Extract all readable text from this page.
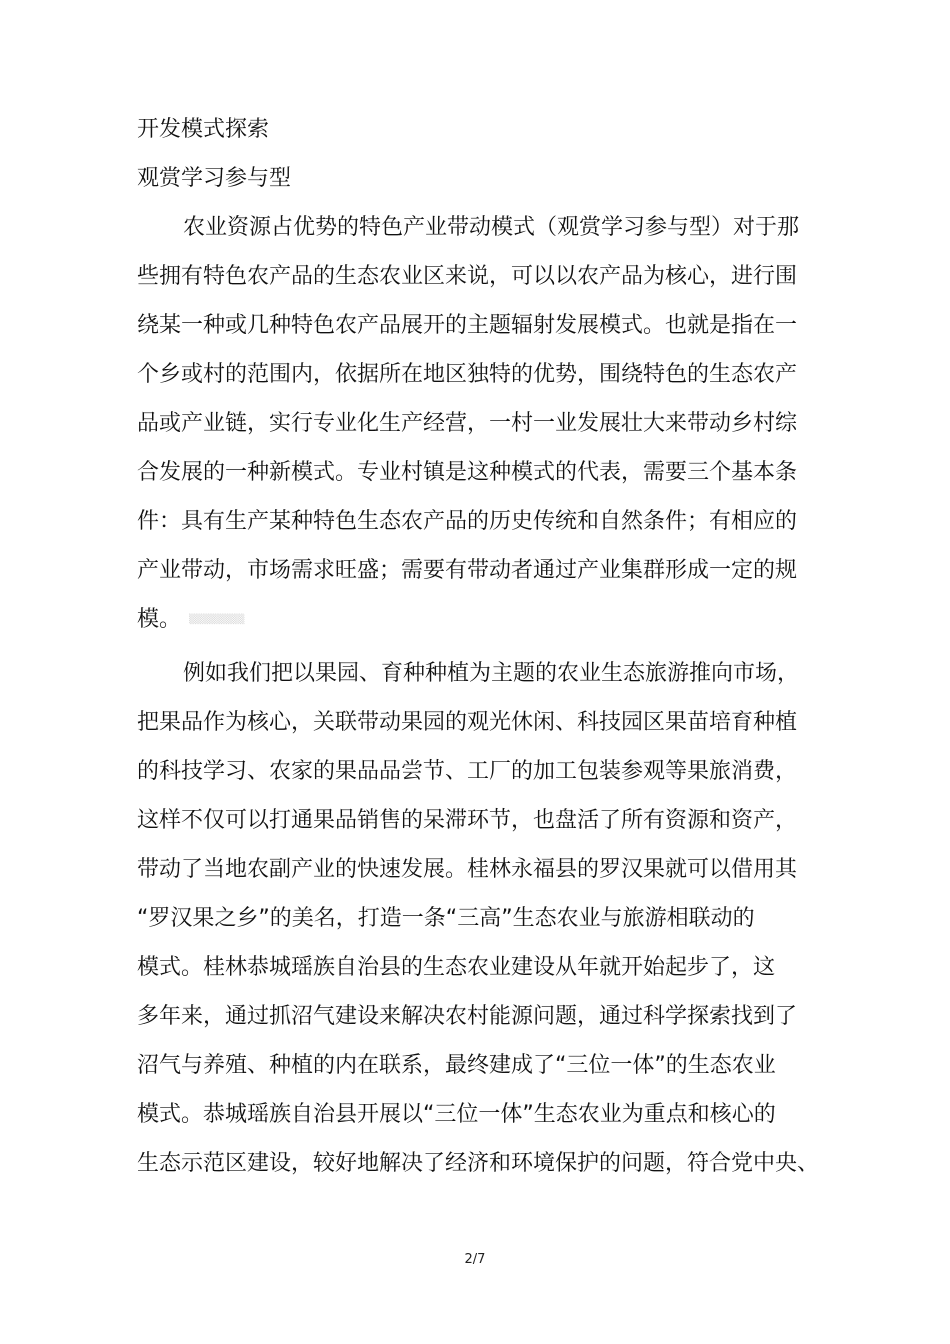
开发模式探索
观赏学习参与型
农业资源占优势的特色产业带动模式（观赏学习参与型）对于那
些拥有特色农产品的生态农业区来说，可以以农产品为核心，进行围
绕某一种或几种特色农产品展开的主题辐射发展模式。也就是指在一
个乡或村的范围内，依据所在地区独特的优势，围绕特色的生态农产
品或产业链，实行专业化生产经营，一村一业发展壮大来带动乡村综
合发展的一种新模式。专业村镇是这种模式的代表，需要三个基本条
件：具有生产某种特色生态农产品的历史传统和自然条件；有相应的
产业带动，市场需求旺盛；需要有带动者通过产业集群形成一定的规
模。 ▒▒▒▒▒▒▒▒
例如我们把以果园、育种种植为主题的农业生态旅游推向市场，
把果品作为核心，关联带动果园的观光休闲、科技园区果苗培育种植
的科技学习、农家的果品品尝节、工厂的加工包装参观等果旅消费，
这样不仅可以打通果品销售的呆滞环节，也盘活了所有资源和资产，
带动了当地农副产业的快速发展。桂林永福县的罗汉果就可以借用其
“罗汉果之乡”的美名，打造一条“三高”生态农业与旅游相联动的
模式。桂林恭城瑶族自治县的生态农业建设从年就开始起步了，这
多年来，通过抓沼气建设来解决农村能源问题，通过科学探索找到了
沼气与养殖、种植的内在联系，最终建成了“三位一体”的生态农业
模式。恭城瑶族自治县开展以“三位一体”生态农业为重点和核心的
生态示范区建设，较好地解决了经济和环境保护的问题，符合党中央、
2/7
